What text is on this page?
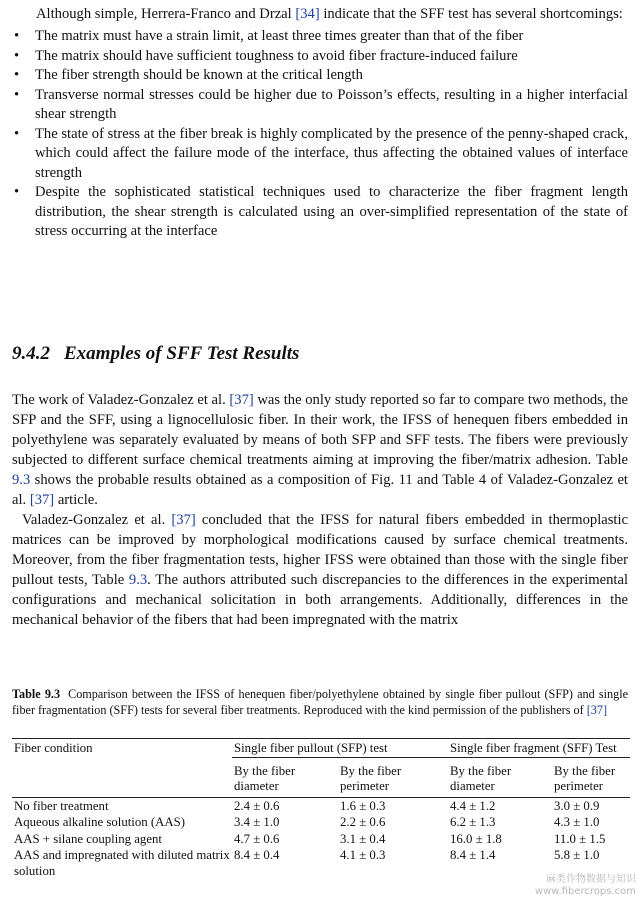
Although simple, Herrera-Franco and Drzal [34] indicate that the SFF test has several shortcomings:

• The matrix must have a strain limit, at least three times greater than that of the fiber
• The matrix should have sufficient toughness to avoid fiber fracture-induced failure
• The fiber strength should be known at the critical length
• Transverse normal stresses could be higher due to Poisson’s effects, resulting in a higher interfacial shear strength
• The state of stress at the fiber break is highly complicated by the presence of the penny-shaped crack, which could affect the failure mode of the interface, thus affecting the obtained values of interface strength
• Despite the sophisticated statistical techniques used to characterize the fiber fragment length distribution, the shear strength is calculated using an over-simplified representation of the state of stress occurring at the interface
9.4.2 Examples of SFF Test Results

The work of Valadez-Gonzalez et al. [37] was the only study reported so far to compare two methods, the SFP and the SFF, using a lignocellulosic fiber. In their work, the IFSS of henequen fibers embedded in polyethylene was separately evaluated by means of both SFP and SFF tests. The fibers were previously subjected to different surface chemical treatments aiming at improving the fiber/matrix adhesion. Table 9.3 shows the probable results obtained as a composition of Fig. 11 and Table 4 of Valadez-Gonzalez et al. [37] article.

Valadez-Gonzalez et al. [37] concluded that the IFSS for natural fibers embedded in thermoplastic matrices can be improved by morphological modifications caused by surface chemical treatments. Moreover, from the fiber fragmentation tests, higher IFSS were obtained than those with the single fiber pullout tests, Table 9.3. The authors attributed such discrepancies to the differences in the experimental configurations and mechanical solicitation in both arrangements. Additionally, differences in the mechanical behavior of the fibers that had been impregnated with the matrix

Table 9.3 Comparison between the IFSS of henequen fiber/polyethylene obtained by single fiber pullout (SFP) and single fiber fragmentation (SFF) tests for several fiber treatments. Reproduced with the kind permission of the publishers of [37]
Fiber condition	Single fiber pullout (SFP) test		Single fiber fragment (SFF) Test	
	By the fiber diameter	By the fiber perimeter	By the fiber diameter	By the fiber perimeter
No fiber treatment	2.4 ± 0.6	1.6 ± 0.3	4.4 ± 1.2	3.0 ± 0.9
Aqueous alkaline solution (AAS)	3.4 ± 1.0	2.2 ± 0.6	6.2 ± 1.3	4.3 ± 1.0
AAS + silane coupling agent	4.7 ± 0.6	3.1 ± 0.4	16.0 ± 1.8	11.0 ± 1.5
AAS and impregnated with diluted matrix solution	8.4 ± 0.4	4.1 ± 0.3	8.4 ± 1.4	5.8 ± 1.0
麻类作物数据与知识
www.fibercrops.com
